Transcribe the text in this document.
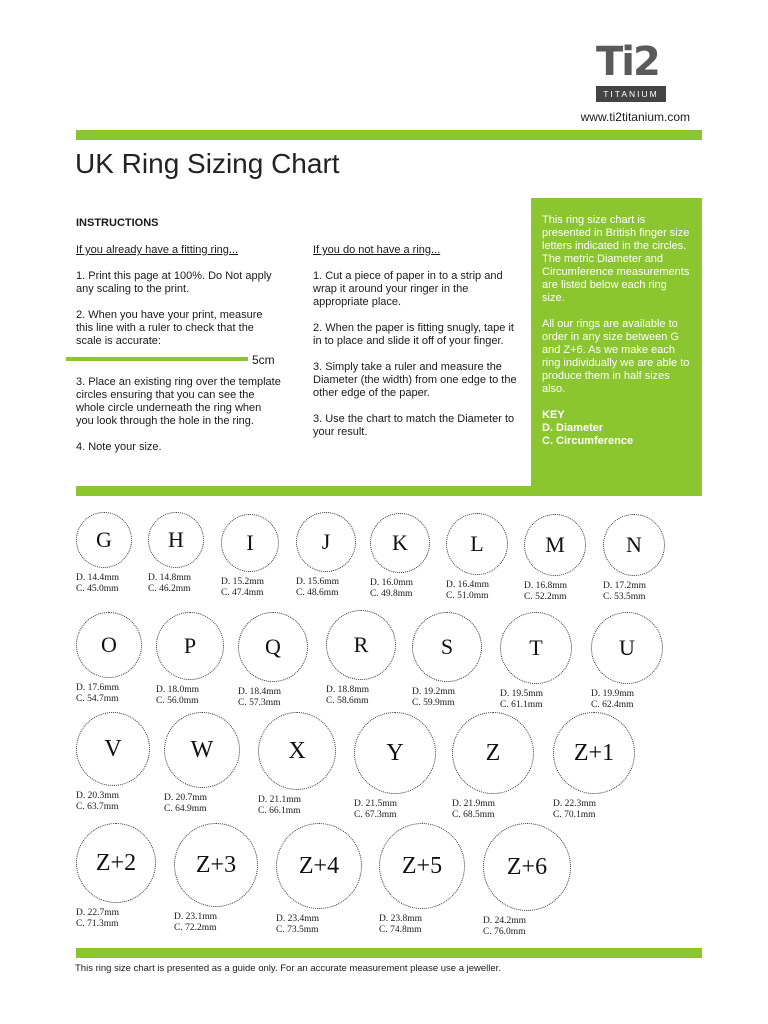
Ti2
TITANIUM
www.ti2titanium.com
UK Ring Sizing Chart
INSTRUCTIONS
If you already have a fitting ring...

1. Print this page at 100%. Do Not apply any scaling to the print.

2. When you have your print, measure this line with a ruler to check that the scale is accurate:

5cm

3. Place an existing ring over the template circles ensuring that you can see the whole circle underneath the ring when you look through the hole in the ring.

4. Note your size.

If you do not have a ring...

1. Cut a piece of paper in to a strip and wrap it around your ringer in the appropriate place.

2. When the paper is fitting snugly, tape it in to place and slide it off of your finger.

3. Simply take a ruler and measure the Diameter (the width) from one edge to the other edge of the paper.

3. Use the chart to match the Diameter to your result.

This ring size chart is presented in British finger size letters indicated in the circles. The metric Diameter and Circumference measurements are listed below each ring size.

All our rings are available to order in any size between G and Z+6. As we make each ring individually we are able to produce them in half sizes also.

KEY
D. Diameter
C. Circumference
G
D. 14.4mm
C. 45.0mm
H
D. 14.8mm
C. 46.2mm
I
D. 15.2mm
C. 47.4mm
J
D. 15.6mm
C. 48.6mm
K
D. 16.0mm
C. 49.8mm
L
D. 16.4mm
C. 51.0mm
M
D. 16.8mm
C. 52.2mm
N
D. 17.2mm
C. 53.5mm
O
D. 17.6mm
C. 54.7mm
P
D. 18.0mm
C. 56.0mm
Q
D. 18.4mm
C. 57.3mm
R
D. 18.8mm
C. 58.6mm
S
D. 19.2mm
C. 59.9mm
T
D. 19.5mm
C. 61.1mm
U
D. 19.9mm
C. 62.4mm
V
D. 20.3mm
C. 63.7mm
W
D. 20.7mm
C. 64.9mm
X
D. 21.1mm
C. 66.1mm
Y
D. 21.5mm
C. 67.3mm
Z
D. 21.9mm
C. 68.5mm
Z+1
D. 22.3mm
C. 70.1mm
Z+2
D. 22.7mm
C. 71.3mm
Z+3
D. 23.1mm
C. 72.2mm
Z+4
D. 23.4mm
C. 73.5mm
Z+5
D. 23.8mm
C. 74.8mm
Z+6
D. 24.2mm
C. 76.0mm
This ring size chart is presented as a guide only. For an accurate measurement please use a jeweller.
